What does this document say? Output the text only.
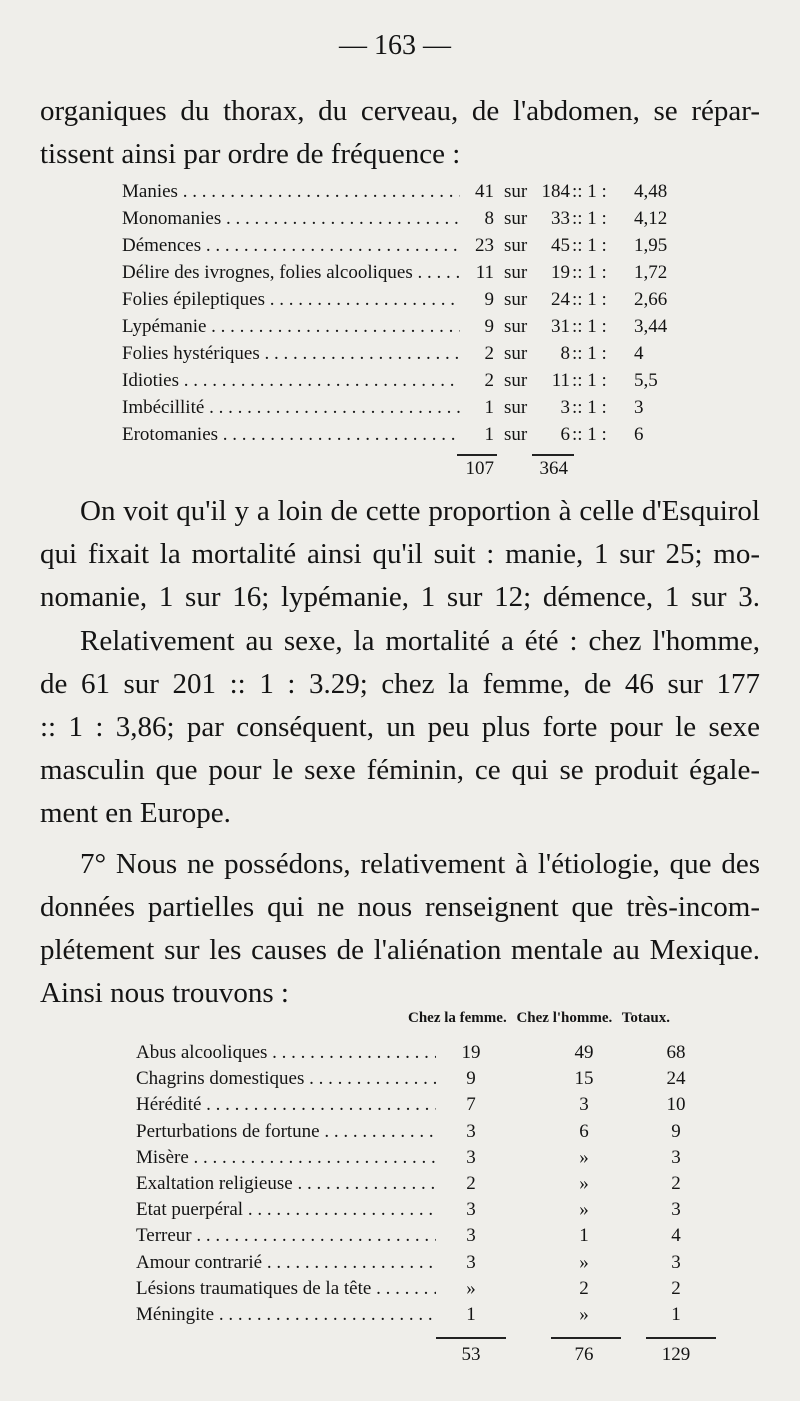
— 163 —
organiques du thorax, du cerveau, de l'abdomen, se répar-
tissent ainsi par ordre de fréquence :
Manies . . .	41 sur 184 :: 1 : 4,48
Monomanies . . .	8 sur	33 :: 1 : 4,12
Démences . . .	23 sur	45 :: 1 : 1,95
Délire des ivrognes, folies alcooliques . . .	11 sur	19 :: 1 : 1,72
Folies épileptiques . . .	9 sur	24 :: 1 : 2,66
Lypémanie . . .	9 sur	31 :: 1 : 3,44
Folies hystériques . . .	2 sur	8 :: 1 : 4
Idioties . . .	2 sur	11 :: 1 : 5,5
Imbécillité . . .	1 sur	3 :: 1 : 3
Erotomanies . . .	1 sur	6 :: 1 : 6
107	364
On voit qu'il y a loin de cette proportion à celle d'Esquirol
qui fixait la mortalité ainsi qu'il suit : manie, 1 sur 25; mo-
nomanie, 1 sur 16; lypémanie, 1 sur 12; démence, 1 sur 3.
Relativement au sexe, la mortalité a été : chez l'homme,
de 61 sur 201 :: 1 : 3.29; chez la femme, de 46 sur 177
:: 1 : 3,86; par conséquent, un peu plus forte pour le sexe
masculin que pour le sexe féminin, ce qui se produit égale-
ment en Europe.
7° Nous ne possédons, relativement à l'étiologie, que des
données partielles qui ne nous renseignent que très-incom-
plétement sur les causes de l'aliénation mentale au Mexique.
Ainsi nous trouvons :
Chez la femme. Chez l'homme. Totaux.
Abus alcooliques . . .	19	49	68
Chagrins domestiques . . .	9	15	24
Hérédité . . .	7	3	10
Perturbations de fortune . . .	3	6	9
Misère . . .	3	»	3
Exaltation religieuse . . .	2	»	2
Etat puerpéral . . .	3	»	3
Terreur . . .	3	1	4
Amour contrarié . . .	3	»	3
Lésions traumatiques de la tête . . .	»	2	2
Méningite . . .	1	»	1
53	76	129
